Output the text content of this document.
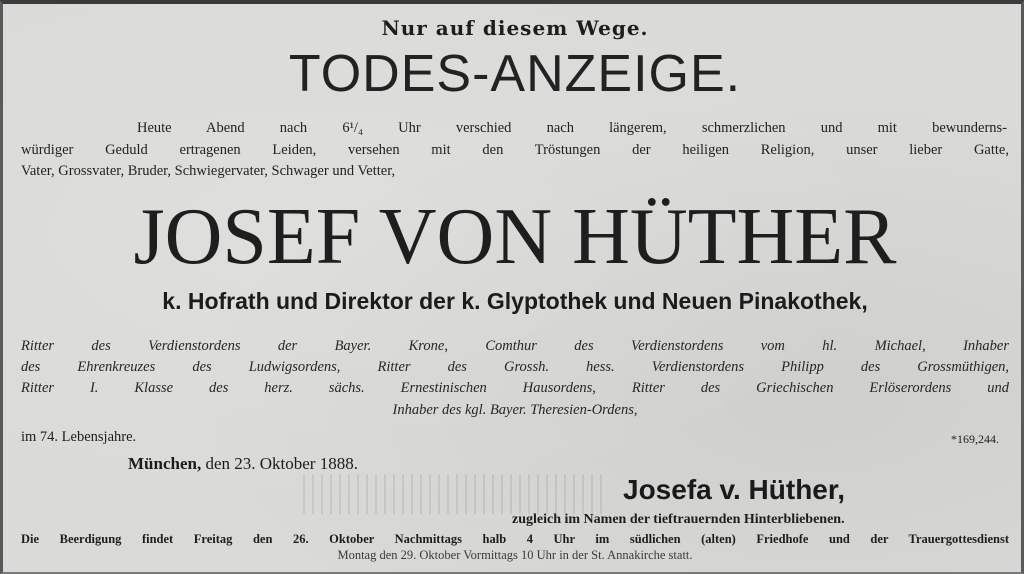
Nur auf diesem Wege.

TODES-ANZEIGE.

Heute Abend nach 6¹/₄ Uhr verschied nach längerem, schmerzlichen und mit bewunderns-

würdiger Geduld ertragenen Leiden, versehen mit den Tröstungen der heiligen Religion, unser lieber Gatte,

Vater, Grossvater, Bruder, Schwiegervater, Schwager und Vetter,

JOSEF VON HÜTHER

k. Hofrath und Direktor der k. Glyptothek und Neuen Pinakothek,

Ritter des Verdienstordens der Bayer. Krone, Comthur des Verdienstordens vom hl. Michael, Inhaber

des Ehrenkreuzes des Ludwigsordens, Ritter des Grossh. hess. Verdienstordens Philipp des Grossmüthigen,

Ritter I. Klasse des herz. sächs. Ernestinischen Hausordens, Ritter des Griechischen Erlöserordens und

Inhaber des kgl. Bayer. Theresien-Ordens,

im 74. Lebensjahre.	*169,244.

München, den 23. Oktober 1888.

Josefa v. Hüther,

zugleich im Namen der tieftrauernden Hinterbliebenen.

Die Beerdigung findet Freitag den 26. Oktober Nachmittags halb 4 Uhr im südlichen (alten) Friedhofe und der Trauergottesdienst

Montag den 29. Oktober Vormittags 10 Uhr in der St. Annakirche statt.
